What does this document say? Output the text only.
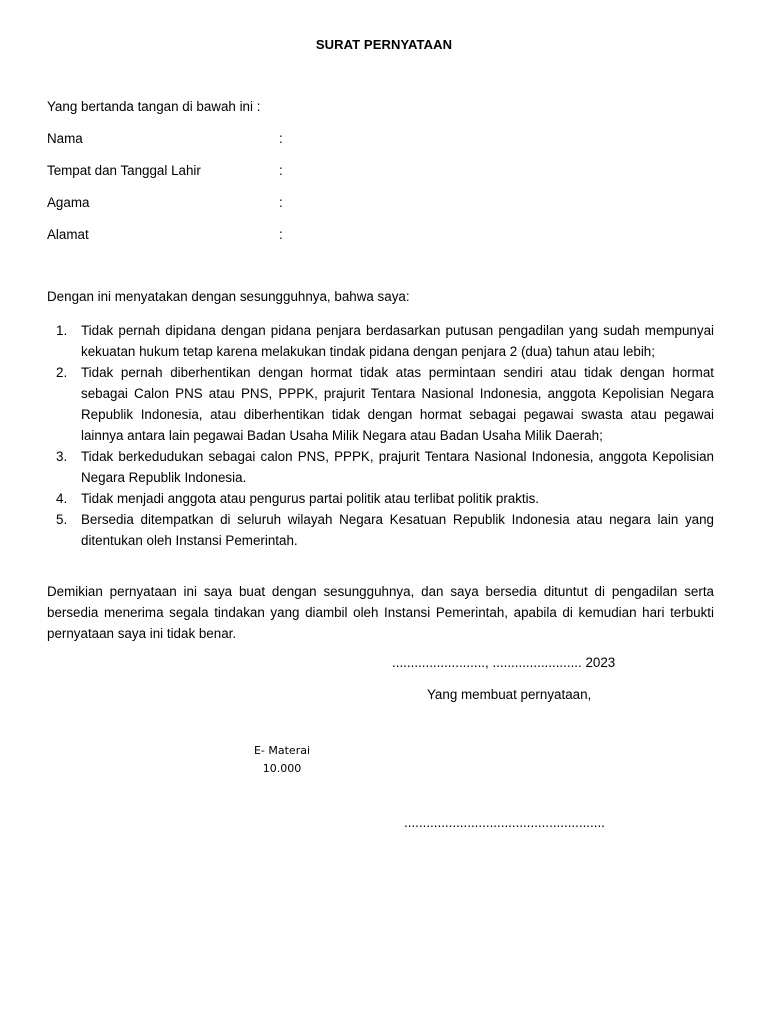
SURAT PERNYATAAN
Yang bertanda tangan di bawah ini :
Nama	:
Tempat dan Tanggal Lahir	:
Agama	:
Alamat	:
Dengan ini menyatakan dengan sesungguhnya, bahwa saya:
1. Tidak pernah dipidana dengan pidana penjara berdasarkan putusan pengadilan yang sudah mempunyai kekuatan hukum tetap karena melakukan tindak pidana dengan penjara 2 (dua) tahun atau lebih;
2. Tidak pernah diberhentikan dengan hormat tidak atas permintaan sendiri atau tidak dengan hormat sebagai Calon PNS atau PNS, PPPK, prajurit Tentara Nasional Indonesia, anggota Kepolisian Negara Republik Indonesia, atau diberhentikan tidak dengan hormat sebagai pegawai swasta atau pegawai lainnya antara lain pegawai Badan Usaha Milik Negara atau Badan Usaha Milik Daerah;
3. Tidak berkedudukan sebagai calon PNS, PPPK, prajurit Tentara Nasional Indonesia, anggota Kepolisian Negara Republik Indonesia.
4. Tidak menjadi anggota atau pengurus partai politik atau terlibat politik praktis.
5. Bersedia ditempatkan di seluruh wilayah Negara Kesatuan Republik Indonesia atau negara lain yang ditentukan oleh Instansi Pemerintah.
Demikian pernyataan ini saya buat dengan sesungguhnya, dan saya bersedia dituntut di pengadilan serta bersedia menerima segala tindakan yang diambil oleh Instansi Pemerintah, apabila di kemudian hari terbukti pernyataan saya ini tidak benar.
........................., ........................ 2023
Yang membuat pernyataan,
E- Materai
10.000
......................................................
